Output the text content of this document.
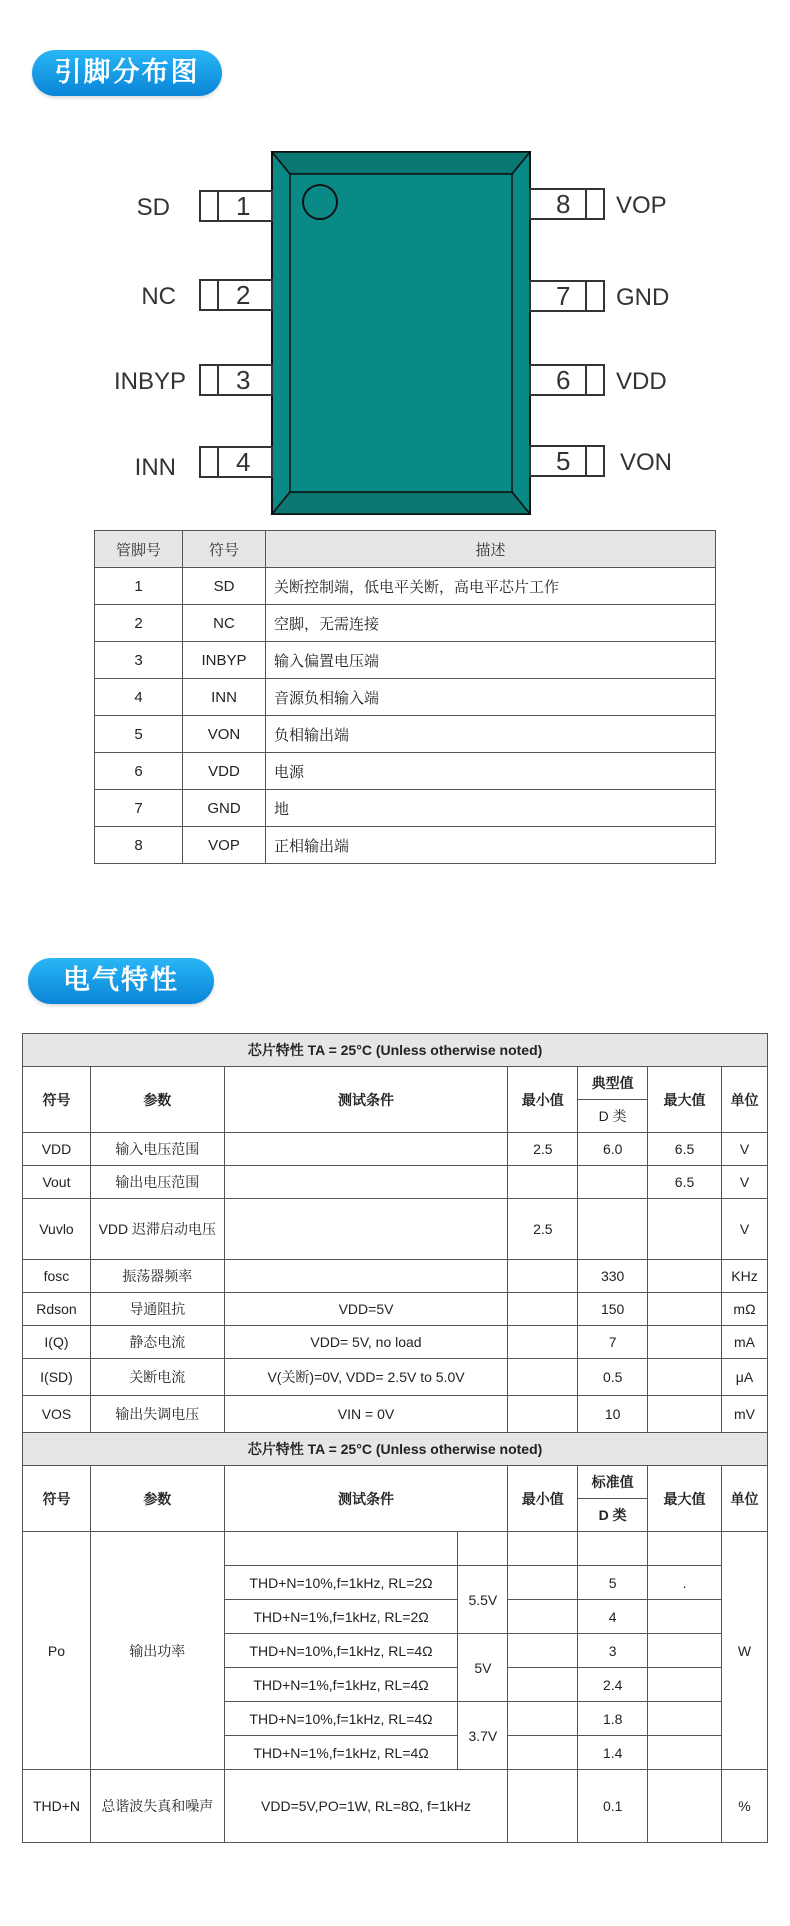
引脚分布图
1
SD
2
NC
3
INBYP
4
INN
8 VOP
7 GND
6 VDD
5 VON
管脚号	符号	描述
1	SD	关断控制端，低电平关断，高电平芯片工作
2	NC	空脚，无需连接
3	INBYP	输入偏置电压端
4	INN	音源负相输入端
5	VON	负相输出端
6	VDD	电源
7	GND	地
8	VOP	正相输出端
电气特性
芯片特性 TA = 25°C (Unless otherwise noted)							
符号	参数	测试条件		最小值	典型值	最大值	单位
					D 类		
VDD	输入电压范围			2.5	6.0	6.5	V
Vout	输出电压范围					6.5	V
Vuvlo	VDD 迟滞启动电压			2.5			V
fosc	振荡器频率				330		KHz
Rdson	导通阻抗	VDD=5V			150		mΩ
I(Q)	静态电流	VDD= 5V, no load			7		mA
I(SD)	关断电流	V(关断)=0V, VDD= 2.5V to 5.0V			0.5		μA
VOS	输出失调电压	VIN = 0V			10		mV
芯片特性 TA = 25°C (Unless otherwise noted)							
符号	参数	测试条件		最小值	标准值	最大值	单位
					D 类		
Po	输出功率						W
		THD+N=10%,f=1kHz, RL=2Ω	5.5V		5	.	
		THD+N=1%,f=1kHz, RL=2Ω			4		
		THD+N=10%,f=1kHz, RL=4Ω	5V		3		
		THD+N=1%,f=1kHz, RL=4Ω			2.4		
		THD+N=10%,f=1kHz, RL=4Ω	3.7V		1.8		
		THD+N=1%,f=1kHz, RL=4Ω			1.4		
THD+N	总谐波失真和噪声	VDD=5V,PO=1W, RL=8Ω, f=1kHz			0.1		%
